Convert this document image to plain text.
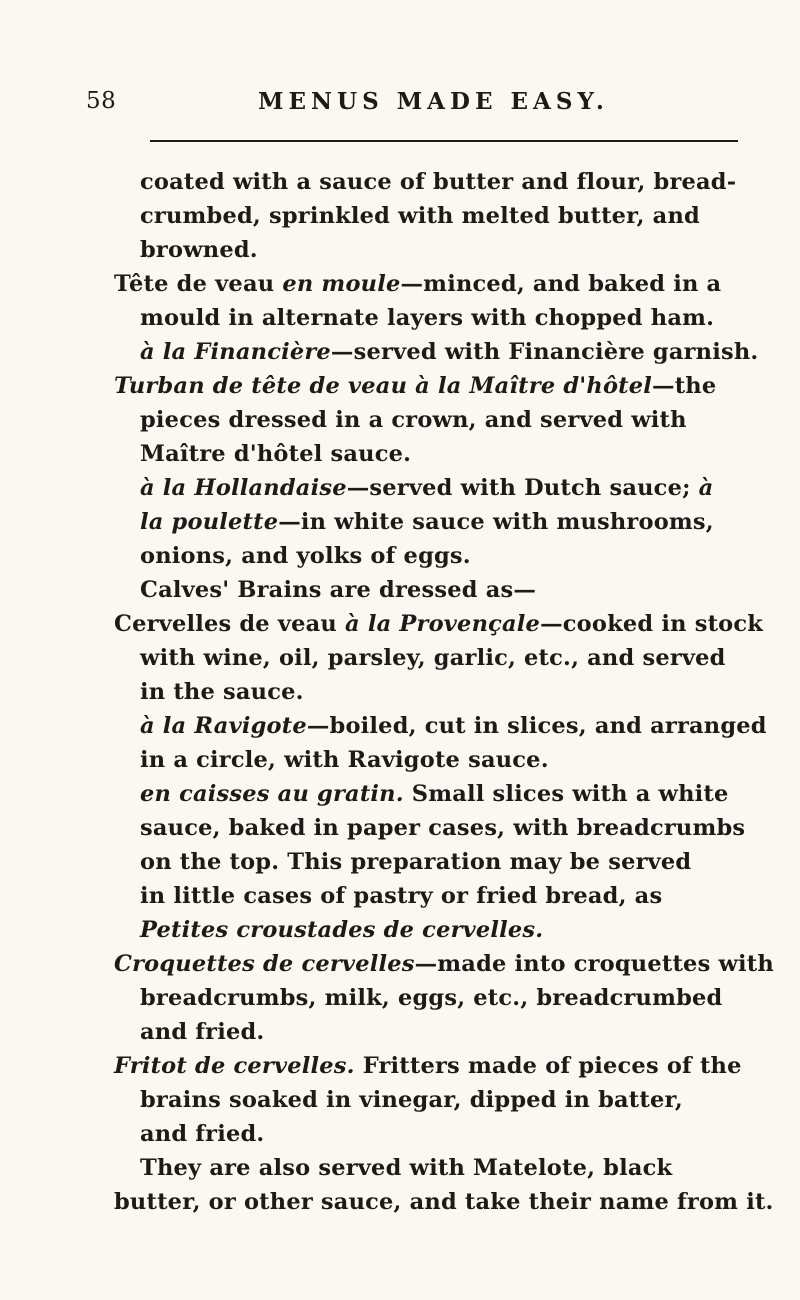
58	MENUS MADE EASY.
coated with a sauce of butter and flour, bread-
crumbed, sprinkled with melted butter, and
browned.
Tête de veau en moule—minced, and baked in a
mould in alternate layers with chopped ham.
à la Financière—served with Financière garnish.
Turban de tête de veau à la Maître d'hôtel—the
pieces dressed in a crown, and served with
Maître d'hôtel sauce.
à la Hollandaise—served with Dutch sauce; à
la poulette—in white sauce with mushrooms,
onions, and yolks of eggs.
Calves' Brains are dressed as—
Cervelles de veau à la Provençale—cooked in stock
with wine, oil, parsley, garlic, etc., and served
in the sauce.
à la Ravigote—boiled, cut in slices, and arranged
in a circle, with Ravigote sauce.
en caisses au gratin. Small slices with a white
sauce, baked in paper cases, with breadcrumbs
on the top. This preparation may be served
in little cases of pastry or fried bread, as
Petites croustades de cervelles.
Croquettes de cervelles—made into croquettes with
breadcrumbs, milk, eggs, etc., breadcrumbed
and fried.
Fritot de cervelles. Fritters made of pieces of the
brains soaked in vinegar, dipped in batter,
and fried.
They are also served with Matelote, black
butter, or other sauce, and take their name from it.
